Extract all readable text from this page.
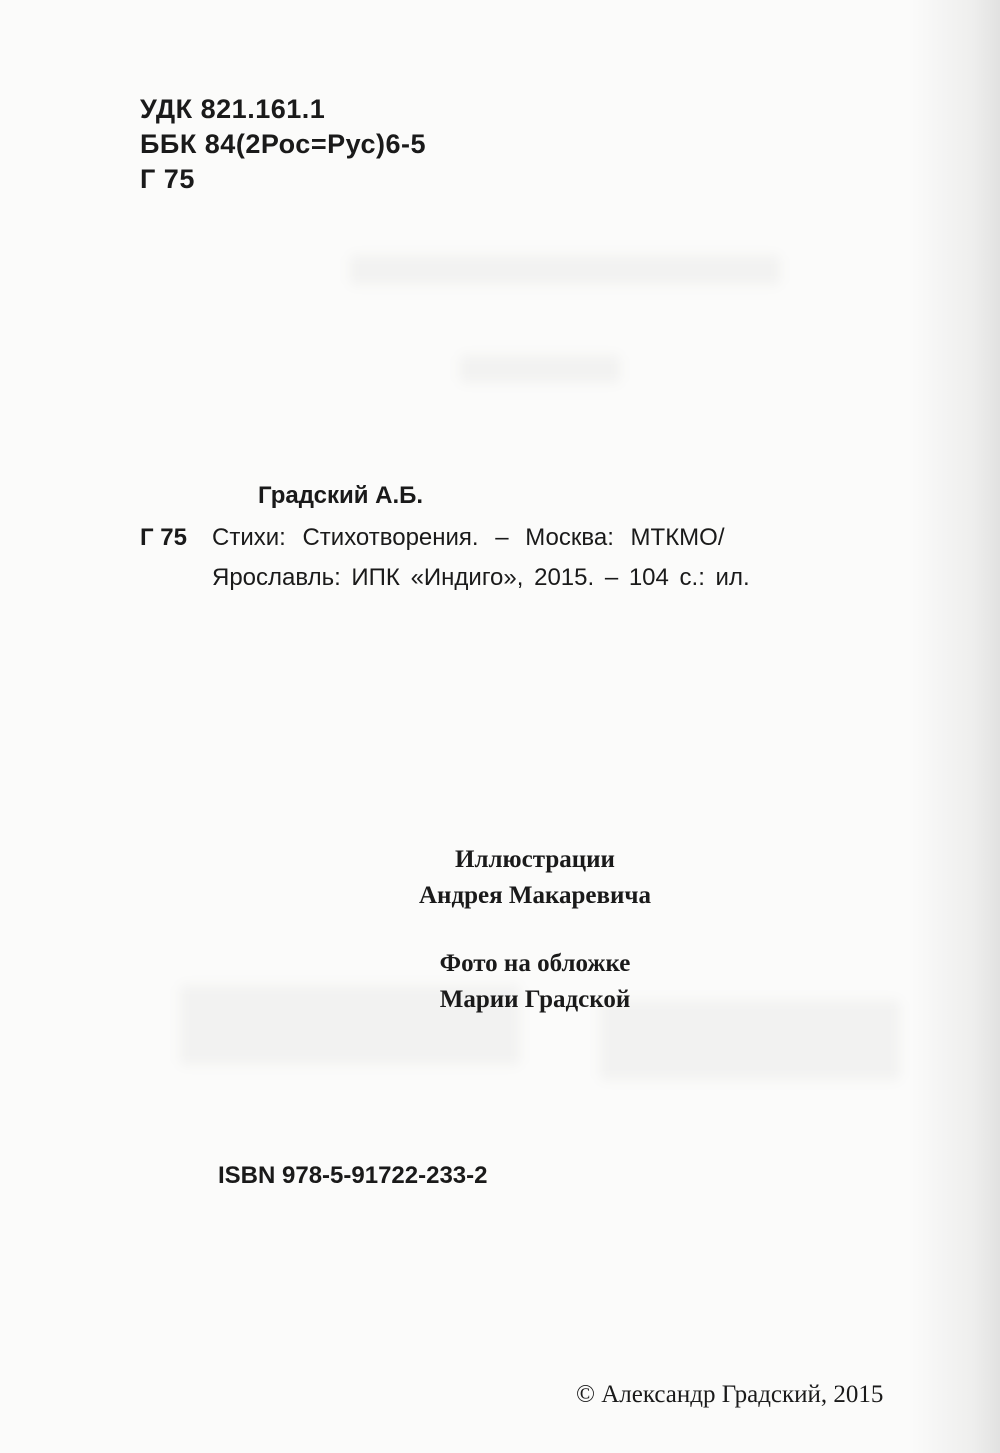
УДК 821.161.1
ББК 84(2Рос=Рус)6-5
Г 75
Градский А.Б.
Г 75 Стихи: Стихотворения. – Москва: МТКМО/
Ярославль: ИПК «Индиго», 2015. – 104 с.: ил.
Иллюстрации
Андрея Макаревича
Фото на обложке
Марии Градской
ISBN 978-5-91722-233-2
© Александр Градский, 2015
